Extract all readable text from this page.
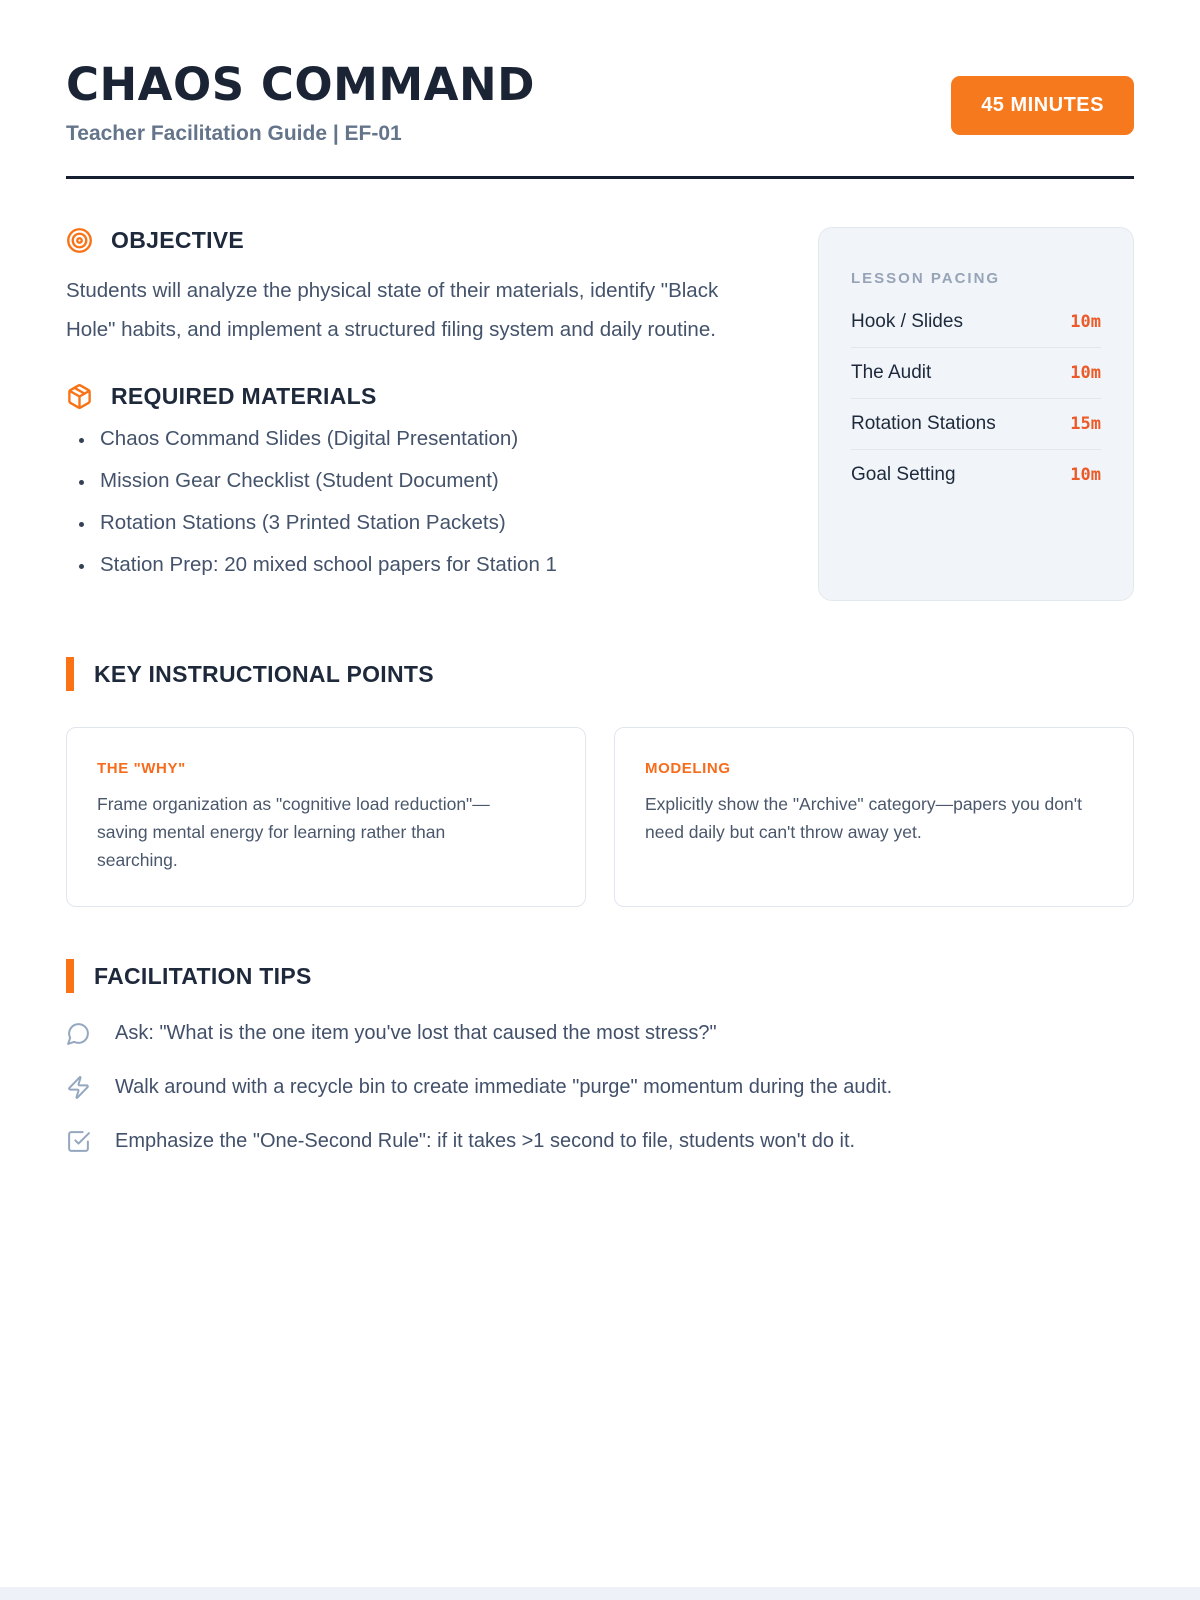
CHAOS COMMAND
Teacher Facilitation Guide | EF-01
45 MINUTES
OBJECTIVE

Students will analyze the physical state of their materials, identify "Black Hole" habits, and implement a structured filing system and daily routine.

REQUIRED MATERIALS
• Chaos Command Slides (Digital Presentation)
• Mission Gear Checklist (Student Document)
• Rotation Stations (3 Printed Station Packets)
• Station Prep: 20 mixed school papers for Station 1
LESSON PACING
Hook / Slides	10m
The Audit	10m
Rotation Stations	15m
Goal Setting	10m
KEY INSTRUCTIONAL POINTS
THE "WHY"

Frame organization as "cognitive load reduction"—saving mental energy for learning rather than searching.

MODELING

Explicitly show the "Archive" category—papers you don't need daily but can't throw away yet.

FACILITATION TIPS

Ask: "What is the one item you've lost that caused the most stress?"

Walk around with a recycle bin to create immediate "purge" momentum during the audit.

Emphasize the "One-Second Rule": if it takes >1 second to file, students won't do it.
